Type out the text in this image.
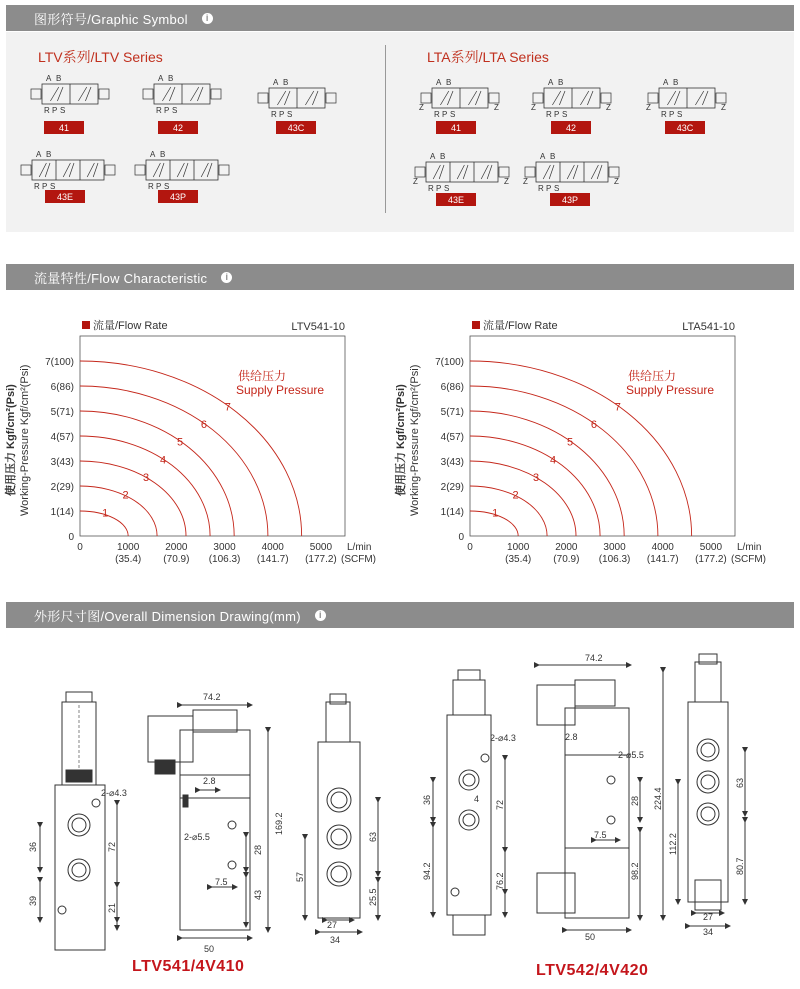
图形符号/Graphic Symbol	i
LTV系列/LTV Series	LTA系列/LTA Series
A B
R P S
41
A B
R P S
42
A B
R P S
43C
A B
R P S
43E
A B
R P S
43P
A B
R P S
Z	Z
41
A B
R P S
Z	Z
42
A B
R P S
Z	Z
43C
A B
R P S
Z	Z
43E
A B
R P S
Z	Z
43P
流量特性/Flow Characteristic	i
流量/Flow Rate	LTV541-10
0
1(14)
2(29)
3(43)
4(57)
5(71)
6(86)
7(100)
0	1000	2000	3000	4000	5000
(35.4) (70.9) (106.3) (141.7) (177.2)
L/min
(SCFM)
使用压力 Kgf/cm²(Psi) Working-Pressure Kgf/cm²(Psi)	1
2
3
4
5
6
7
供给压力
Supply Pressure
流量/Flow Rate	LTA541-10
0
1(14)
2(29)
3(43)
4(57)
5(71)
6(86)
7(100)
0	1000	2000	3000	4000	5000
(35.4) (70.9) (106.3) (141.7) (177.2)
L/min
(SCFM)
使用压力 Kgf/cm²(Psi) Working-Pressure Kgf/cm²(Psi)	1
2
3
4
5
6
7
供给压力
Supply Pressure
外形尺寸图/Overall Dimension Drawing(mm)	i
74.2
2-⌀4.3
2.8
2-⌀5.5
7.5
50
27
34
36
39
72
21
169.2
28
43
63
57
25.5
74.2
2-⌀4.3	2.8
2-⌀5.5
4
7.5
50
27
34
36
94.2
72
76.2
28
98.2
224.4
63
112.2
80.7
LTV541/4V410	LTV542/4V420
